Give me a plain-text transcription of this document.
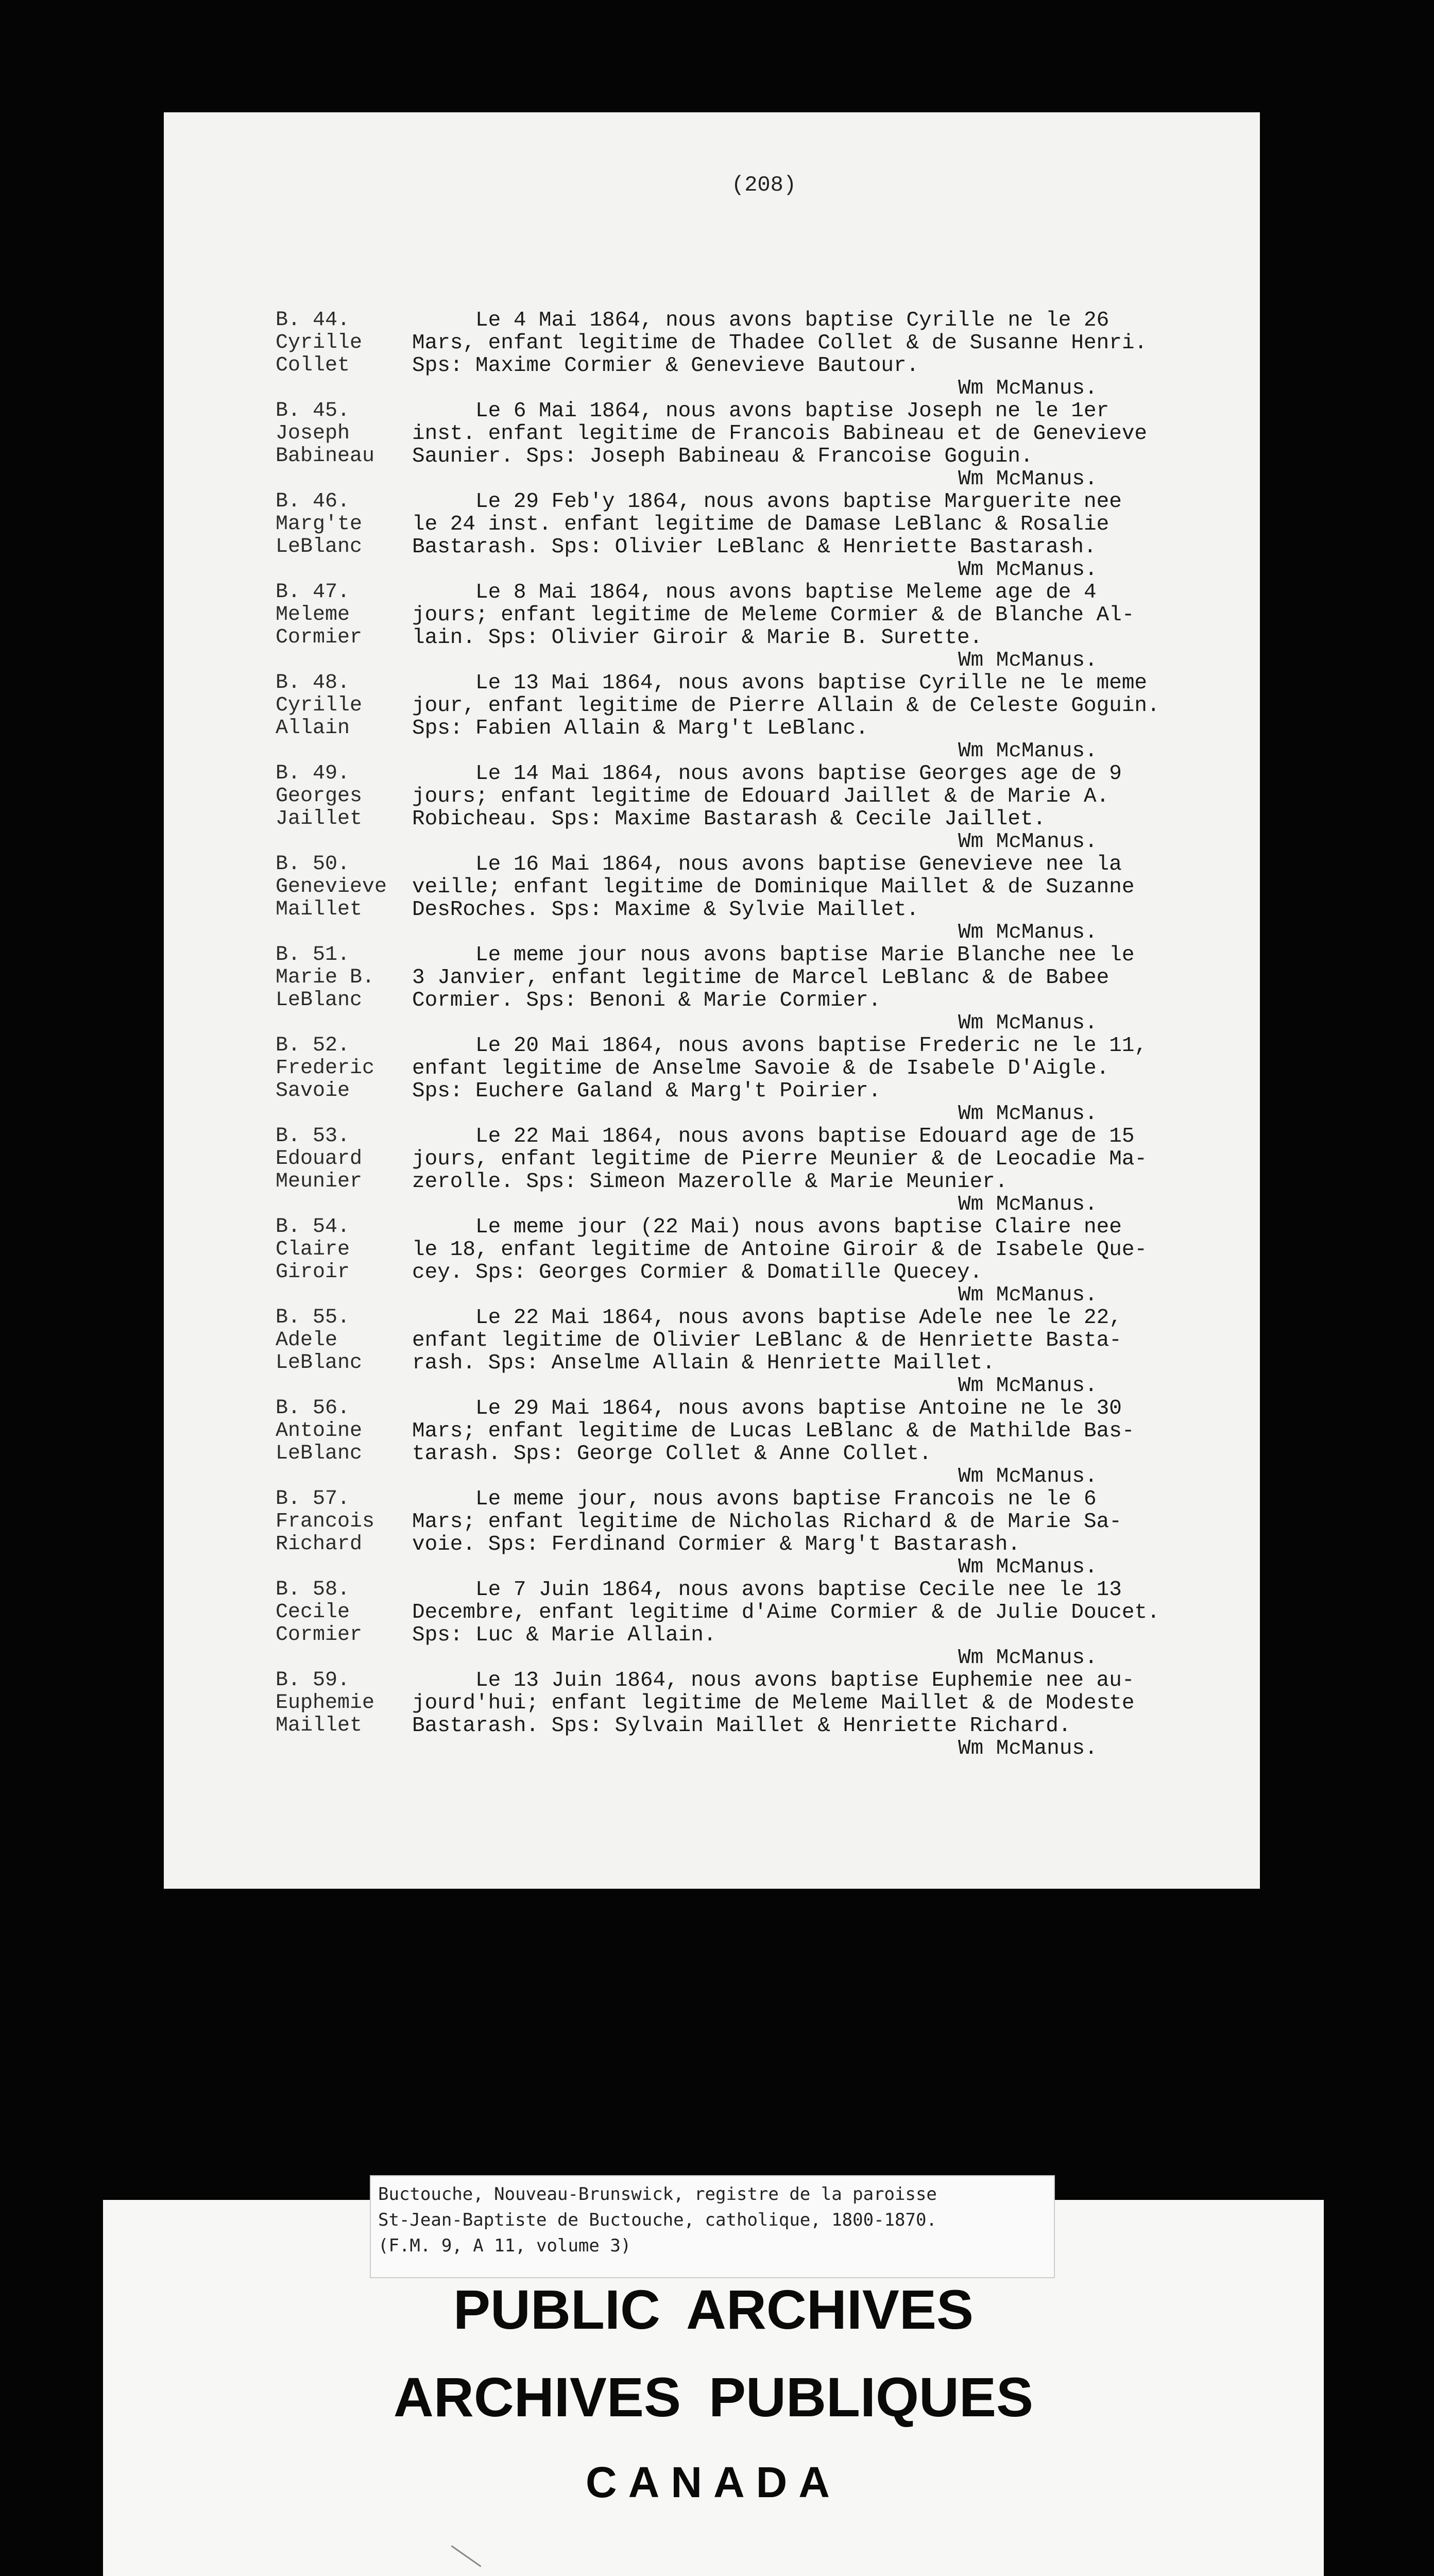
(208)
B. 44.
Cyrille
Collet
Le 4 Mai 1864, nous avons baptise Cyrille ne le 26
Mars, enfant legitime de Thadee Collet & de Susanne Henri.
Sps: Maxime Cormier & Genevieve Bautour.
Wm McManus.
B. 45.
Joseph
Babineau
Le 6 Mai 1864, nous avons baptise Joseph ne le 1er
inst. enfant legitime de Francois Babineau et de Genevieve
Saunier. Sps: Joseph Babineau & Francoise Goguin.
Wm McManus.
B. 46.
Marg'te
LeBlanc
Le 29 Feb'y 1864, nous avons baptise Marguerite nee
le 24 inst. enfant legitime de Damase LeBlanc & Rosalie
Bastarash. Sps: Olivier LeBlanc & Henriette Bastarash.
Wm McManus.
B. 47.
Meleme
Cormier
Le 8 Mai 1864, nous avons baptise Meleme age de 4
jours; enfant legitime de Meleme Cormier & de Blanche Al-
lain. Sps: Olivier Giroir & Marie B. Surette.
Wm McManus.
B. 48.
Cyrille
Allain
Le 13 Mai 1864, nous avons baptise Cyrille ne le meme
jour, enfant legitime de Pierre Allain & de Celeste Goguin.
Sps: Fabien Allain & Marg't LeBlanc.
Wm McManus.
B. 49.
Georges
Jaillet
Le 14 Mai 1864, nous avons baptise Georges age de 9
jours; enfant legitime de Edouard Jaillet & de Marie A.
Robicheau. Sps: Maxime Bastarash & Cecile Jaillet.
Wm McManus.
B. 50.
Genevieve
Maillet
Le 16 Mai 1864, nous avons baptise Genevieve nee la
veille; enfant legitime de Dominique Maillet & de Suzanne
DesRoches. Sps: Maxime & Sylvie Maillet.
Wm McManus.
B. 51.
Marie B.
LeBlanc
Le meme jour nous avons baptise Marie Blanche nee le
3 Janvier, enfant legitime de Marcel LeBlanc & de Babee
Cormier. Sps: Benoni & Marie Cormier.
Wm McManus.
B. 52.
Frederic
Savoie
Le 20 Mai 1864, nous avons baptise Frederic ne le 11,
enfant legitime de Anselme Savoie & de Isabele D'Aigle.
Sps: Euchere Galand & Marg't Poirier.
Wm McManus.
B. 53.
Edouard
Meunier
Le 22 Mai 1864, nous avons baptise Edouard age de 15
jours, enfant legitime de Pierre Meunier & de Leocadie Ma-
zerolle. Sps: Simeon Mazerolle & Marie Meunier.
Wm McManus.
B. 54.
Claire
Giroir
Le meme jour (22 Mai) nous avons baptise Claire nee
le 18, enfant legitime de Antoine Giroir & de Isabele Que-
cey. Sps: Georges Cormier & Domatille Quecey.
Wm McManus.
B. 55.
Adele
LeBlanc
Le 22 Mai 1864, nous avons baptise Adele nee le 22,
enfant legitime de Olivier LeBlanc & de Henriette Basta-
rash. Sps: Anselme Allain & Henriette Maillet.
Wm McManus.
B. 56.
Antoine
LeBlanc
Le 29 Mai 1864, nous avons baptise Antoine ne le 30
Mars; enfant legitime de Lucas LeBlanc & de Mathilde Bas-
tarash. Sps: George Collet & Anne Collet.
Wm McManus.
B. 57.
Francois
Richard
Le meme jour, nous avons baptise Francois ne le 6
Mars; enfant legitime de Nicholas Richard & de Marie Sa-
voie. Sps: Ferdinand Cormier & Marg't Bastarash.
Wm McManus.
B. 58.
Cecile
Cormier
Le 7 Juin 1864, nous avons baptise Cecile nee le 13
Decembre, enfant legitime d'Aime Cormier & de Julie Doucet.
Sps: Luc & Marie Allain.
Wm McManus.
B. 59.
Euphemie
Maillet
Le 13 Juin 1864, nous avons baptise Euphemie nee au-
jourd'hui; enfant legitime de Meleme Maillet & de Modeste
Bastarash. Sps: Sylvain Maillet & Henriette Richard.
Wm McManus.
Buctouche, Nouveau-Brunswick, registre de la paroisse
St-Jean-Baptiste de Buctouche, catholique, 1800-1870.
(F.M. 9, A 11, volume 3)
PUBLIC ARCHIVES
ARCHIVES PUBLIQUES
CANADA
